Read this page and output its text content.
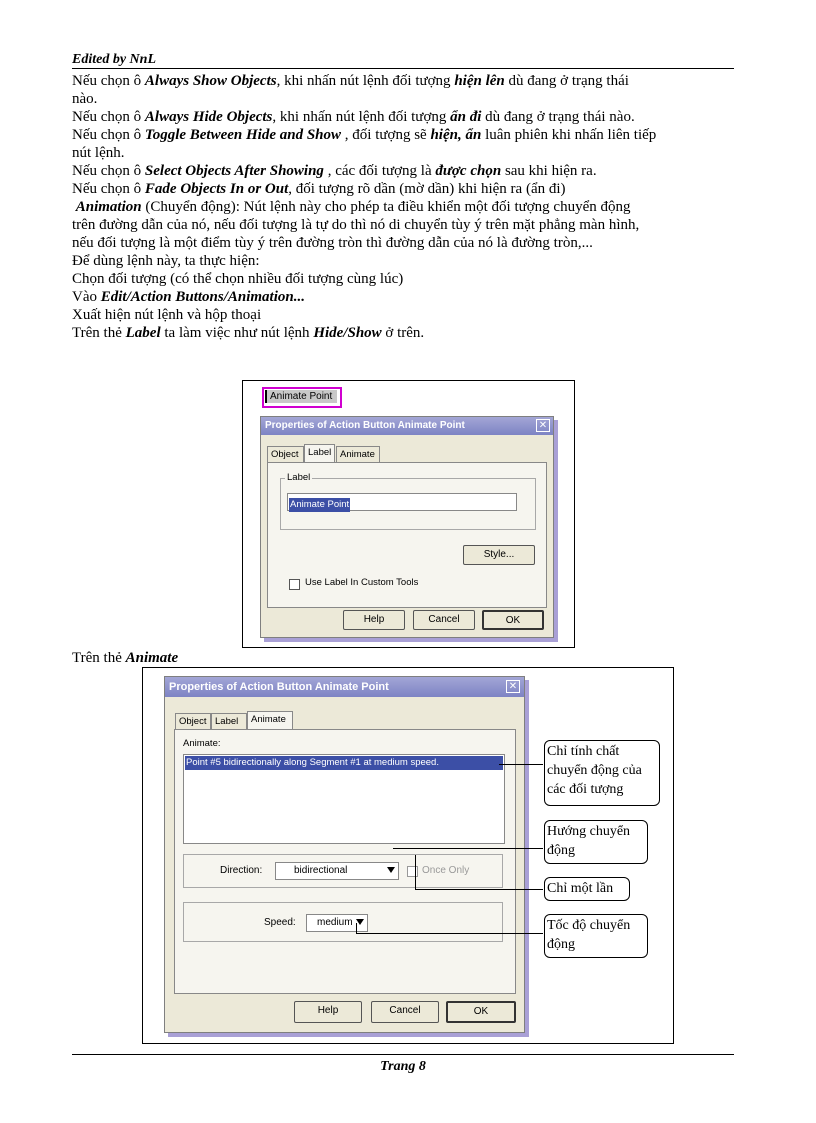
Edited by NnL

Nếu chọn ô Always Show Objects, khi nhấn nút lệnh đối tượng hiện lên dù đang ở trạng thái

nào.

Nếu chọn ô Always Hide Objects, khi nhấn nút lệnh đối tượng ẩn đi dù đang ở trạng thái nào.

Nếu chọn ô Toggle Between Hide and Show , đối tượng sẽ hiện, ẩn luân phiên khi nhấn liên tiếp

nút lệnh.

Nếu chọn ô Select Objects After Showing , các đối tượng là được chọn sau khi hiện ra.

Nếu chọn ô Fade Objects In or Out, đối tượng rõ dần (mờ dần) khi hiện ra (ẩn đi)

Animation (Chuyển động): Nút lệnh này cho phép ta điều khiển một đối tượng chuyển động

trên đường dẫn của nó, nếu đối tượng là tự do thì nó di chuyển tùy ý trên mặt phẳng màn hình,

nếu đối tượng là một điểm tùy ý trên đường tròn thì đường dẫn của nó là đường tròn,...

Để dùng lệnh này, ta thực hiện:

Chọn đối tượng (có thể chọn nhiều đối tượng cùng lúc)

Vào Edit/Action Buttons/Animation...

Xuất hiện nút lệnh và hộp thoại

Trên thẻ Label ta làm việc như nút lệnh Hide/Show ở trên.

Animate Point
Properties of Action Button Animate Point	✕
Object	Label Animate
Label
Animate Point
Style...
Use Label In Custom Tools
Help	Cancel	OK

Trên thẻ Animate

Properties of Action Button Animate Point	✕
Object Label	Animate
Animate:
Point #5 bidirectionally along Segment #1 at medium speed.
Direction:	bidirectional	Once Only
Speed:	medium
Help	Cancel	OK
Chỉ tính chất
chuyển động của
các đối tượng
Hướng chuyển
động
Chỉ một lần
Tốc độ chuyển
động
Trang 8
